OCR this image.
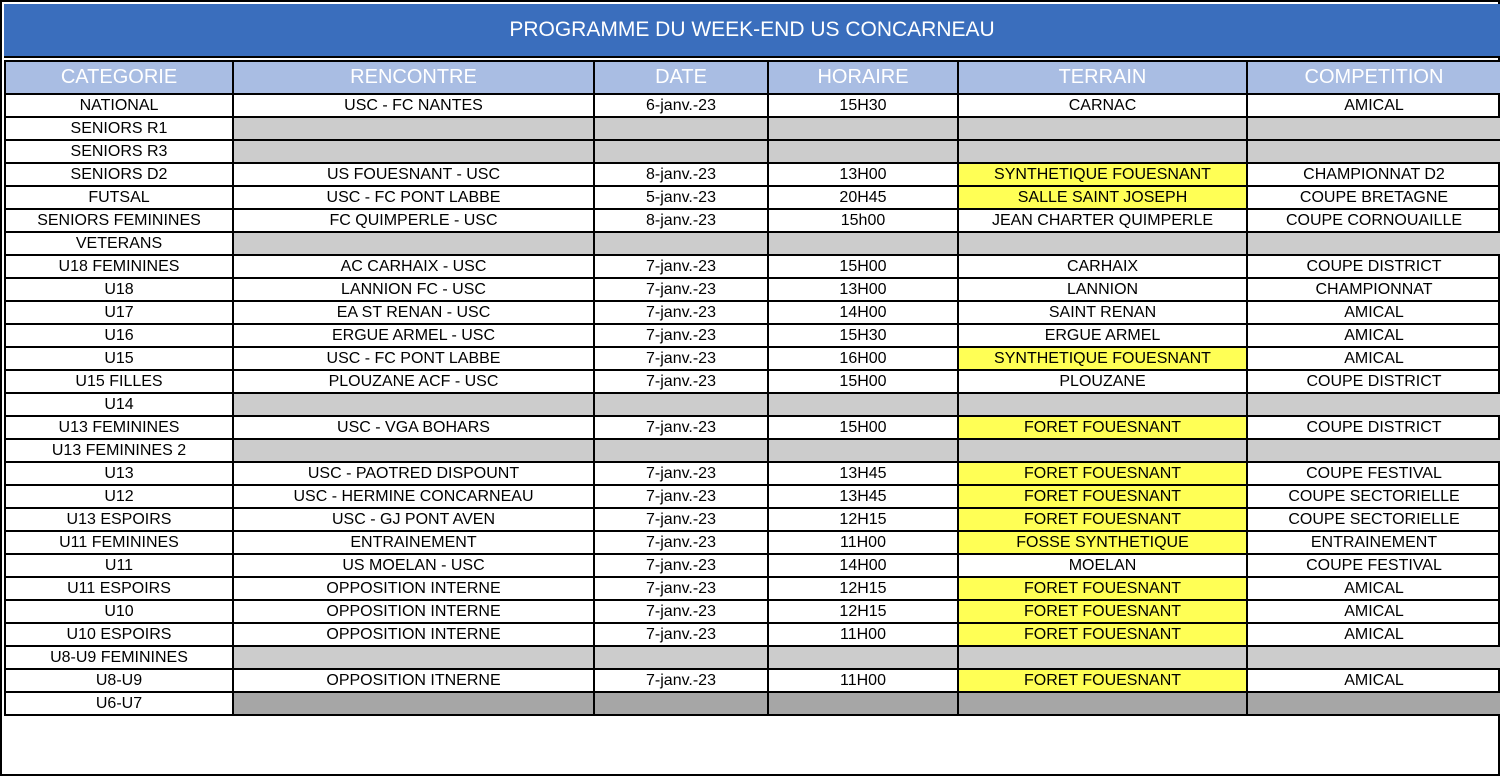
PROGRAMME DU WEEK-END US CONCARNEAU
CATEGORIE	RENCONTRE	DATE	HORAIRE	TERRAIN	COMPETITION
NATIONAL	USC - FC NANTES	6-janv.-23	15H30	CARNAC	AMICAL
SENIORS R1					
SENIORS R3					
SENIORS D2	US FOUESNANT - USC	8-janv.-23	13H00	SYNTHETIQUE FOUESNANT	CHAMPIONNAT D2
FUTSAL	USC - FC PONT LABBE	5-janv.-23	20H45	SALLE SAINT JOSEPH	COUPE BRETAGNE
SENIORS FEMININES	FC QUIMPERLE - USC	8-janv.-23	15h00	JEAN CHARTER QUIMPERLE	COUPE CORNOUAILLE
VETERANS					
U18 FEMININES	AC CARHAIX - USC	7-janv.-23	15H00	CARHAIX	COUPE DISTRICT
U18	LANNION FC - USC	7-janv.-23	13H00	LANNION	CHAMPIONNAT
U17	EA ST RENAN - USC	7-janv.-23	14H00	SAINT RENAN	AMICAL
U16	ERGUE ARMEL - USC	7-janv.-23	15H30	ERGUE ARMEL	AMICAL
U15	USC - FC PONT LABBE	7-janv.-23	16H00	SYNTHETIQUE FOUESNANT	AMICAL
U15 FILLES	PLOUZANE ACF - USC	7-janv.-23	15H00	PLOUZANE	COUPE DISTRICT
U14					
U13 FEMININES	USC - VGA BOHARS	7-janv.-23	15H00	FORET FOUESNANT	COUPE DISTRICT
U13 FEMININES 2					
U13	USC - PAOTRED DISPOUNT	7-janv.-23	13H45	FORET FOUESNANT	COUPE FESTIVAL
U12	USC - HERMINE CONCARNEAU	7-janv.-23	13H45	FORET FOUESNANT	COUPE SECTORIELLE
U13 ESPOIRS	USC - GJ PONT AVEN	7-janv.-23	12H15	FORET FOUESNANT	COUPE SECTORIELLE
U11 FEMININES	ENTRAINEMENT	7-janv.-23	11H00	FOSSE SYNTHETIQUE	ENTRAINEMENT
U11	US MOELAN - USC	7-janv.-23	14H00	MOELAN	COUPE FESTIVAL
U11 ESPOIRS	OPPOSITION INTERNE	7-janv.-23	12H15	FORET FOUESNANT	AMICAL
U10	OPPOSITION INTERNE	7-janv.-23	12H15	FORET FOUESNANT	AMICAL
U10 ESPOIRS	OPPOSITION INTERNE	7-janv.-23	11H00	FORET FOUESNANT	AMICAL
U8-U9 FEMININES					
U8-U9	OPPOSITION ITNERNE	7-janv.-23	11H00	FORET FOUESNANT	AMICAL
U6-U7					
